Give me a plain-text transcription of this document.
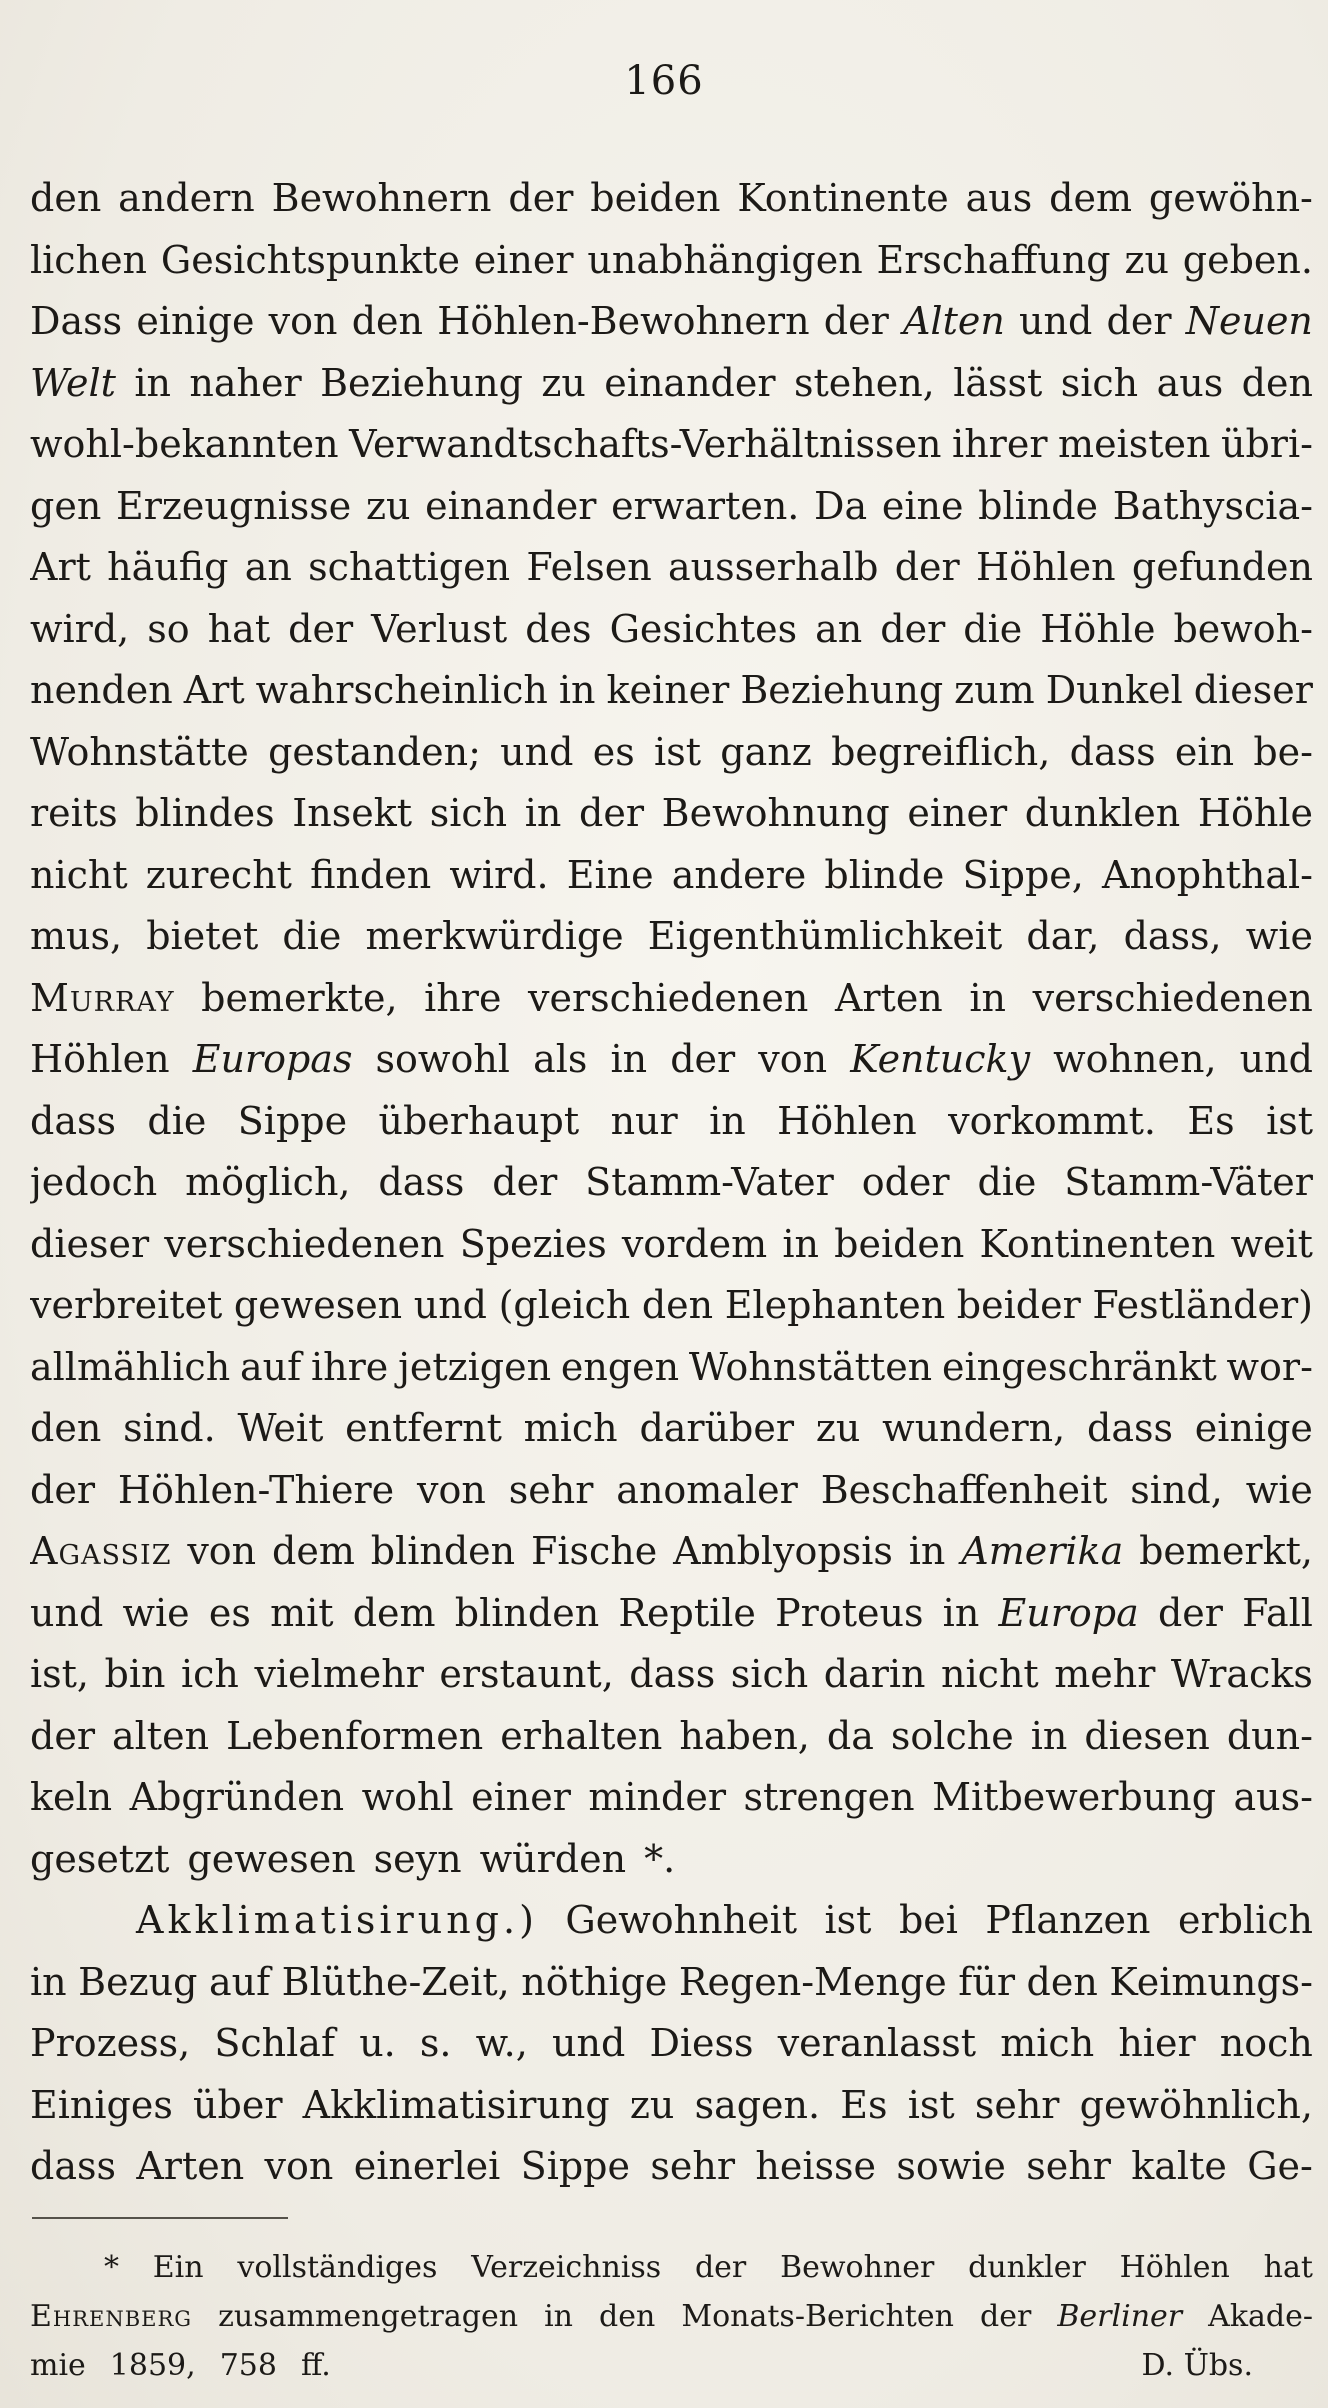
166
den andern Bewohnern der beiden Kontinente aus dem gewöhn-
lichen Gesichtspunkte einer unabhängigen Erschaffung zu geben.
Dass einige von den Höhlen-Bewohnern der Alten und der Neuen
Welt in naher Beziehung zu einander stehen, lässt sich aus den
wohl-bekannten Verwandtschafts-Verhältnissen ihrer meisten übri-
gen Erzeugnisse zu einander erwarten. Da eine blinde Bathyscia-
Art häufig an schattigen Felsen ausserhalb der Höhlen gefunden
wird, so hat der Verlust des Gesichtes an der die Höhle bewoh-
nenden Art wahrscheinlich in keiner Beziehung zum Dunkel dieser
Wohnstätte gestanden; und es ist ganz begreiflich, dass ein be-
reits blindes Insekt sich in der Bewohnung einer dunklen Höhle
nicht zurecht finden wird. Eine andere blinde Sippe, Anophthal-
mus, bietet die merkwürdige Eigenthümlichkeit dar, dass, wie
Murray bemerkte, ihre verschiedenen Arten in verschiedenen
Höhlen Europas sowohl als in der von Kentucky wohnen, und
dass die Sippe überhaupt nur in Höhlen vorkommt. Es ist
jedoch möglich, dass der Stamm-Vater oder die Stamm-Väter
dieser verschiedenen Spezies vordem in beiden Kontinenten weit
verbreitet gewesen und (gleich den Elephanten beider Festländer)
allmählich auf ihre jetzigen engen Wohnstätten eingeschränkt wor-
den sind. Weit entfernt mich darüber zu wundern, dass einige
der Höhlen-Thiere von sehr anomaler Beschaffenheit sind, wie
Agassiz von dem blinden Fische Amblyopsis in Amerika bemerkt,
und wie es mit dem blinden Reptile Proteus in Europa der Fall
ist, bin ich vielmehr erstaunt, dass sich darin nicht mehr Wracks
der alten Lebenformen erhalten haben, da solche in diesen dun-
keln Abgründen wohl einer minder strengen Mitbewerbung aus-
gesetzt gewesen seyn würden *.
Akklimatisirung.) Gewohnheit ist bei Pflanzen erblich
in Bezug auf Blüthe-Zeit, nöthige Regen-Menge für den Keimungs-
Prozess, Schlaf u. s. w., und Diess veranlasst mich hier noch
Einiges über Akklimatisirung zu sagen. Es ist sehr gewöhnlich,
dass Arten von einerlei Sippe sehr heisse sowie sehr kalte Ge-
* Ein vollständiges Verzeichniss der Bewohner dunkler Höhlen hat
Ehrenberg zusammengetragen in den Monats-Berichten der Berliner Akade-
mie 1859, 758 ff.	D. Übs.
